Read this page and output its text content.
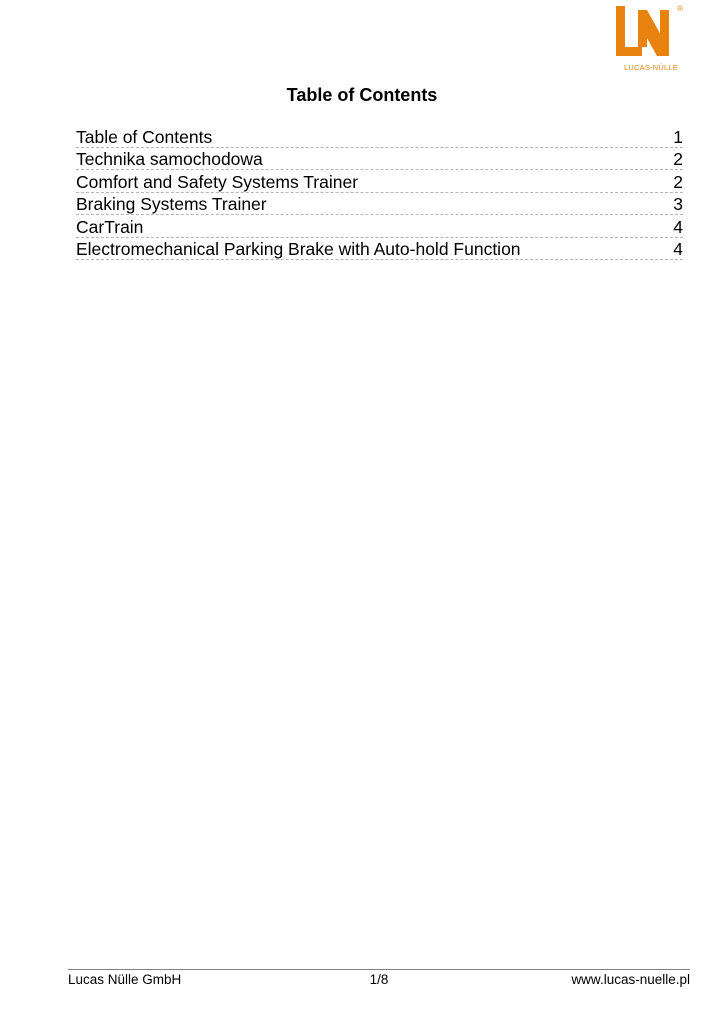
®
LUCAS-NÜLLE
Table of Contents
Table of Contents	1
Technika samochodowa	2
Comfort and Safety Systems Trainer	2
Braking Systems Trainer	3
CarTrain	4
Electromechanical Parking Brake with Auto-hold Function	4
Lucas Nülle GmbH	1/8	www.lucas-nuelle.pl
